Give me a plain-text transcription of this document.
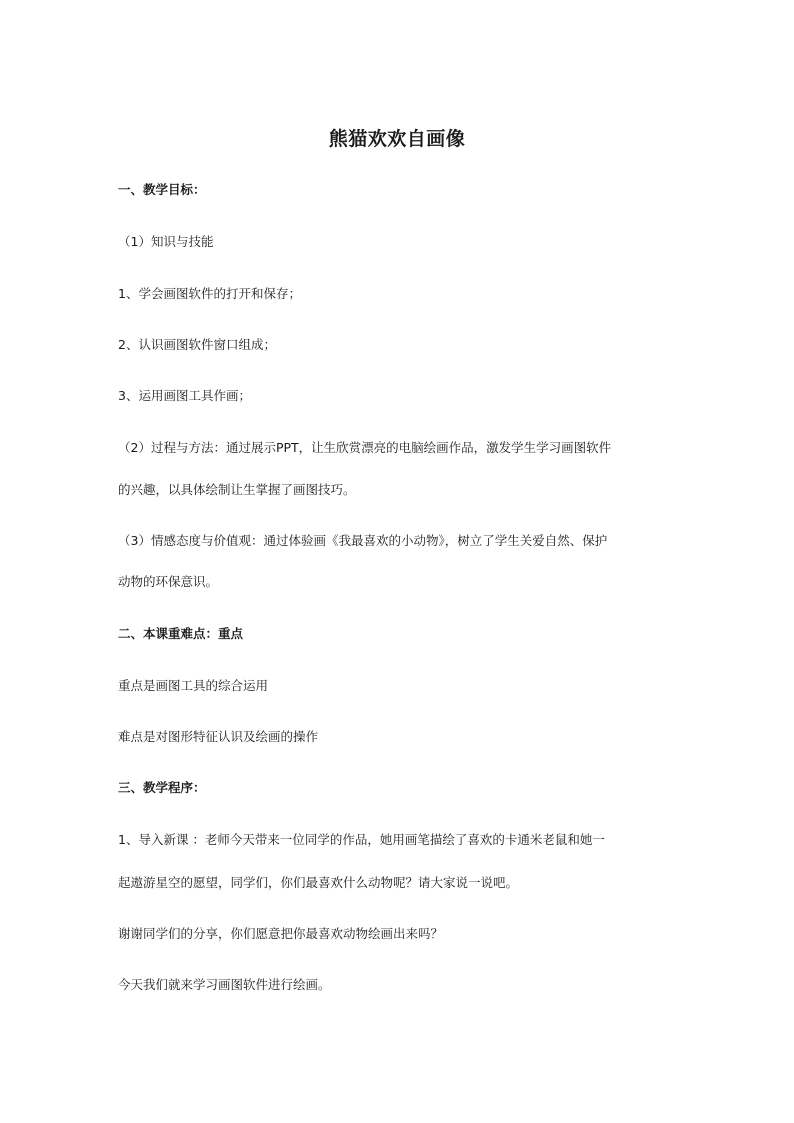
熊猫欢欢自画像
一、教学目标：
（1）知识与技能
1、学会画图软件的打开和保存；
2、认识画图软件窗口组成；
3、运用画图工具作画；
（2）过程与方法：通过展示PPT，让生欣赏漂亮的电脑绘画作品，激发学生学习画图软件
的兴趣，以具体绘制让生掌握了画图技巧。
（3）情感态度与价值观：通过体验画《我最喜欢的小动物》，树立了学生关爱自然、保护
动物的环保意识。
二、本课重难点：重点
重点是画图工具的综合运用
难点是对图形特征认识及绘画的操作
三、教学程序：
1、导入新课 ：老师今天带来一位同学的作品，她用画笔描绘了喜欢的卡通米老鼠和她一
起遨游星空的愿望，同学们，你们最喜欢什么动物呢？请大家说一说吧。
谢谢同学们的分享，你们愿意把你最喜欢动物绘画出来吗？
今天我们就来学习画图软件进行绘画。
